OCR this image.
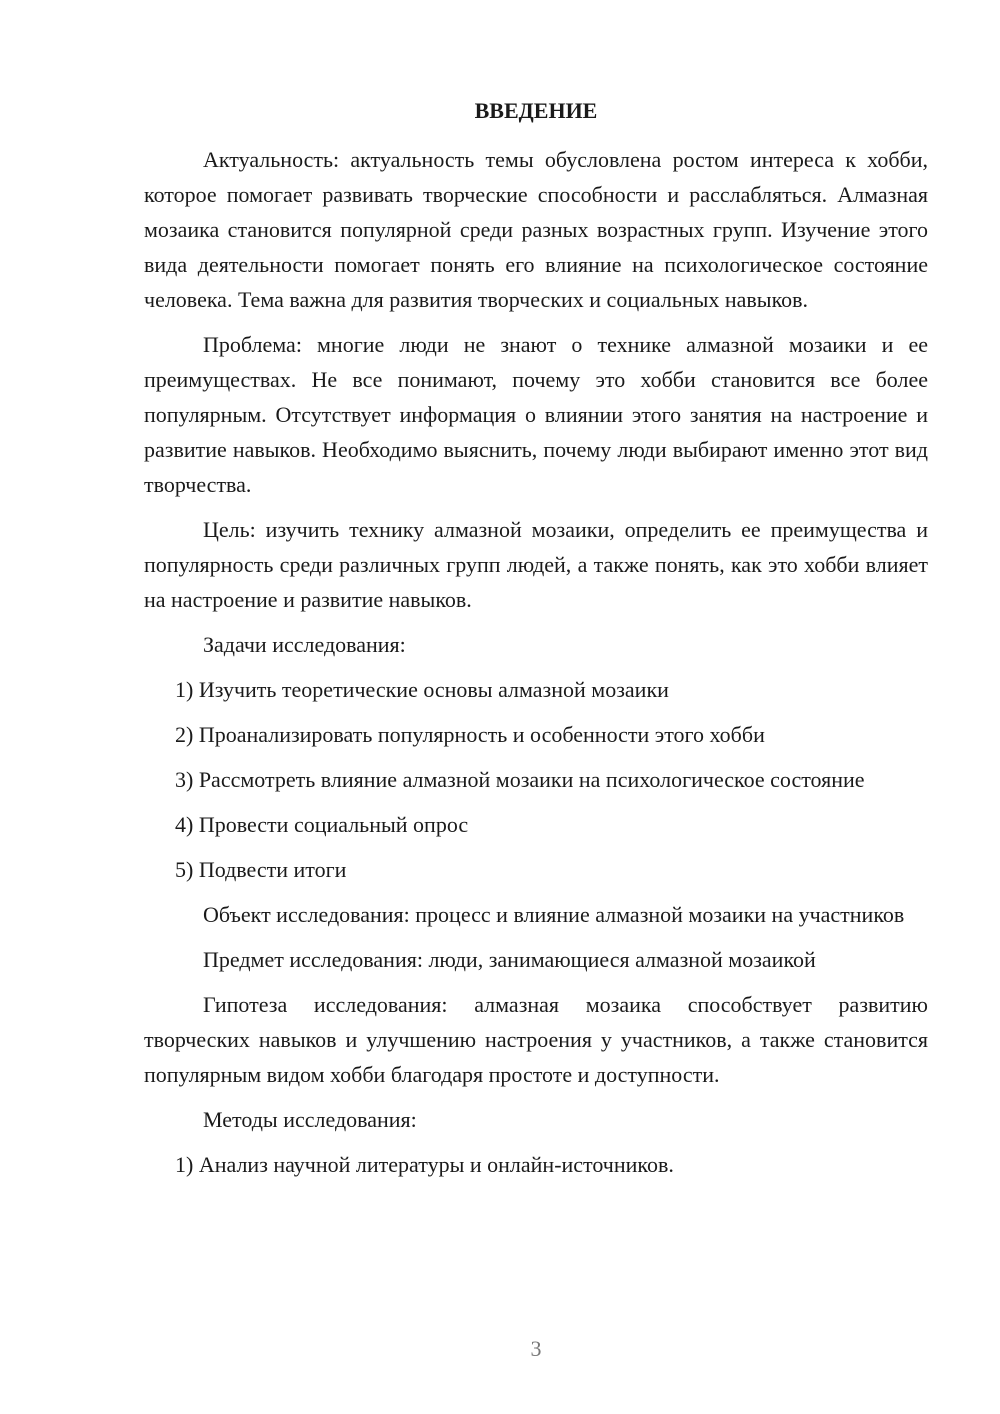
ВВЕДЕНИЕ

Актуальность: актуальность темы обусловлена ростом интереса к хобби, которое помогает развивать творческие способности и расслабляться. Алмазная мозаика становится популярной среди разных возрастных групп. Изучение этого вида деятельности помогает понять его влияние на психологическое состояние человека. Тема важна для развития творческих и социальных навыков.

Проблема: многие люди не знают о технике алмазной мозаики и ее преимуществах. Не все понимают, почему это хобби становится все более популярным. Отсутствует информация о влиянии этого занятия на настроение и развитие навыков. Необходимо выяснить, почему люди выбирают именно этот вид творчества.

Цель: изучить технику алмазной мозаики, определить ее преимущества и популярность среди различных групп людей, а также понять, как это хобби влияет на настроение и развитие навыков.

Задачи исследования:

1) Изучить теоретические основы алмазной мозаики

2) Проанализировать популярность и особенности этого хобби

3) Рассмотреть влияние алмазной мозаики на психологическое состояние

4) Провести социальный опрос

5) Подвести итоги

Объект исследования: процесс и влияние алмазной мозаики на участников

Предмет исследования: люди, занимающиеся алмазной мозаикой

Гипотеза исследования: алмазная мозаика способствует развитию творческих навыков и улучшению настроения у участников, а также становится популярным видом хобби благодаря простоте и доступности.

Методы исследования:

1) Анализ научной литературы и онлайн-источников.

3
